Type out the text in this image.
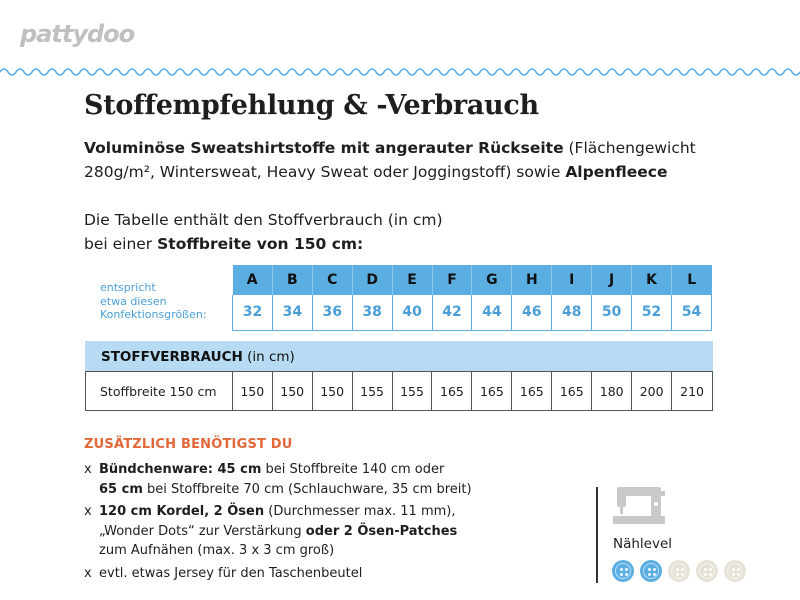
pattydoo
Stoffempfehlung & -Verbrauch

Voluminöse Sweatshirtstoffe mit angerauter Rückseite (Flächengewicht 280g/m², Wintersweat, Heavy Sweat oder Joggingstoff) sowie Alpenfleece

Die Tabelle enthält den Stoffverbrauch (in cm)
bei einer Stoffbreite von 150 cm:

entspricht
etwa diesen
Konfektionsgrößen:
A	B	C	D	E	F	G	H	I	J	K	L
32	34	36	38	40	42	44	46	48	50	52	54
STOFFVERBRAUCH (in cm)
Stoffbreite 150 cm	150	150	150	155	155	165	165	165	165	180	200	210
ZUSÄTZLICH BENÖTIGST DU
x Bündchenware: 45 cm bei Stoffbreite 140 cm oder
65 cm bei Stoffbreite 70 cm (Schlauchware, 35 cm breit)
x 120 cm Kordel, 2 Ösen (Durchmesser max. 11 mm),
„Wonder Dots“ zur Verstärkung oder 2 Ösen-Patches
zum Aufnähen (max. 3 x 3 cm groß)
x evtl. etwas Jersey für den Taschenbeutel
Nählevel
